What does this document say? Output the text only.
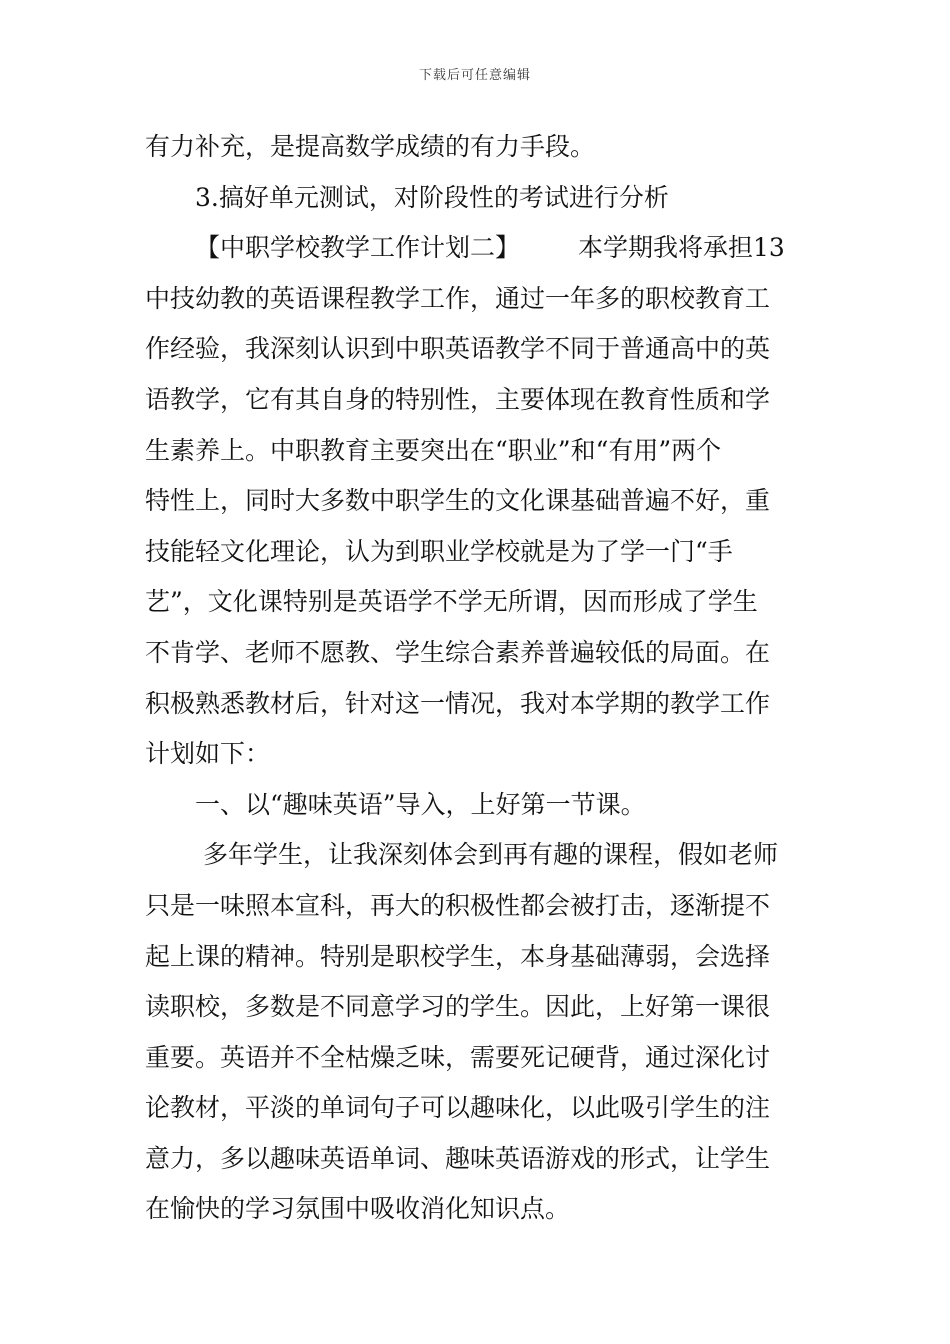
下载后可任意编辑
有力补充，是提高数学成绩的有力手段。
3.搞好单元测试，对阶段性的考试进行分析
【中职学校教学工作计划二】 本学期我将承担13
中技幼教的英语课程教学工作，通过一年多的职校教育工
作经验，我深刻认识到中职英语教学不同于普通高中的英
语教学，它有其自身的特别性，主要体现在教育性质和学
生素养上。中职教育主要突出在“职业”和“有用”两个
特性上，同时大多数中职学生的文化课基础普遍不好，重
技能轻文化理论，认为到职业学校就是为了学一门“手
艺”，文化课特别是英语学不学无所谓，因而形成了学生
不肯学、老师不愿教、学生综合素养普遍较低的局面。在
积极熟悉教材后，针对这一情况，我对本学期的教学工作
计划如下：
一、以“趣味英语”导入，上好第一节课。
多年学生，让我深刻体会到再有趣的课程，假如老师
只是一味照本宣科，再大的积极性都会被打击，逐渐提不
起上课的精神。特别是职校学生，本身基础薄弱，会选择
读职校，多数是不同意学习的学生。因此，上好第一课很
重要。英语并不全枯燥乏味，需要死记硬背，通过深化讨
论教材，平淡的单词句子可以趣味化，以此吸引学生的注
意力，多以趣味英语单词、趣味英语游戏的形式，让学生
在愉快的学习氛围中吸收消化知识点。
